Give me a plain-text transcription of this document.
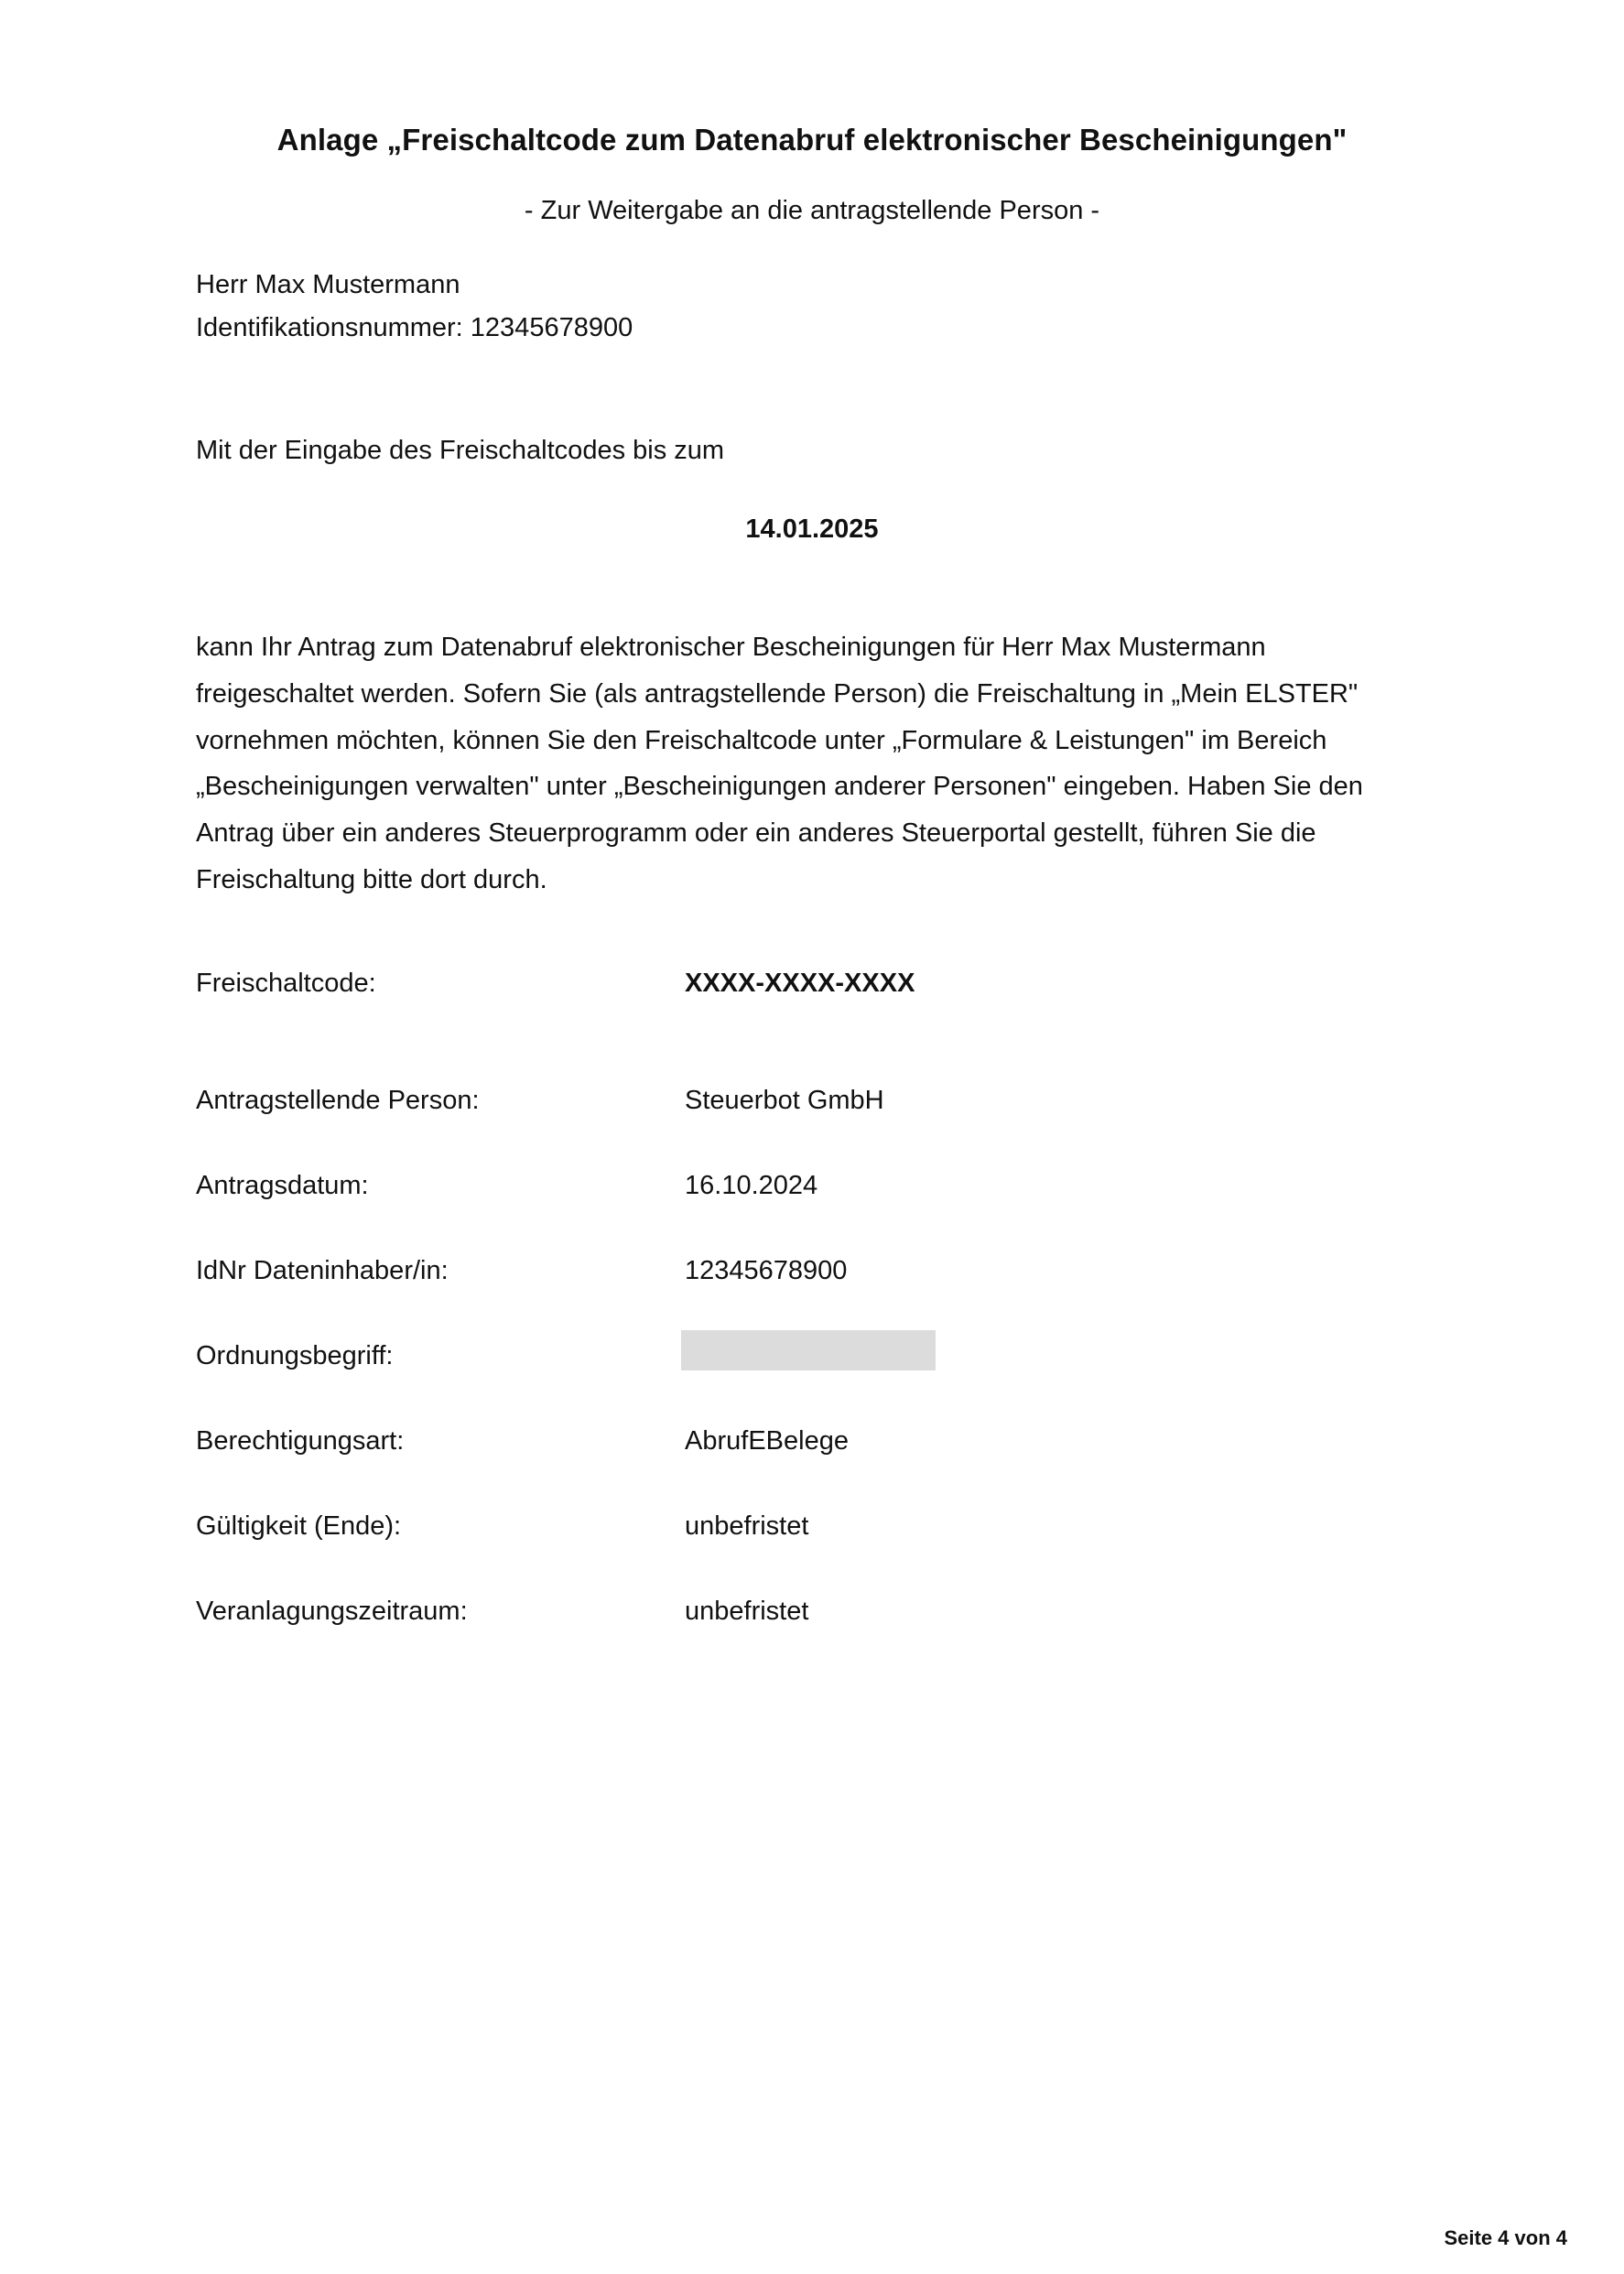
Anlage „Freischaltcode zum Datenabruf elektronischer Bescheinigungen"
- Zur Weitergabe an die antragstellende Person -
Herr Max Mustermann
Identifikationsnummer: 12345678900
Mit der Eingabe des Freischaltcodes bis zum
14.01.2025
kann Ihr Antrag zum Datenabruf elektronischer Bescheinigungen für Herr Max Mustermann
freigeschaltet werden. Sofern Sie (als antragstellende Person) die Freischaltung in „Mein ELSTER"
vornehmen möchten, können Sie den Freischaltcode unter „Formulare & Leistungen" im Bereich
„Bescheinigungen verwalten" unter „Bescheinigungen anderer Personen" eingeben. Haben Sie den
Antrag über ein anderes Steuerprogramm oder ein anderes Steuerportal gestellt, führen Sie die
Freischaltung bitte dort durch.
Freischaltcode:	XXXX-XXXX-XXXX
Antragstellende Person:	Steuerbot GmbH
Antragsdatum:	16.10.2024
IdNr Dateninhaber/in:	12345678900
Ordnungsbegriff:
Berechtigungsart:	AbrufEBelege
Gültigkeit (Ende):	unbefristet
Veranlagungszeitraum:	unbefristet
Seite 4 von 4
